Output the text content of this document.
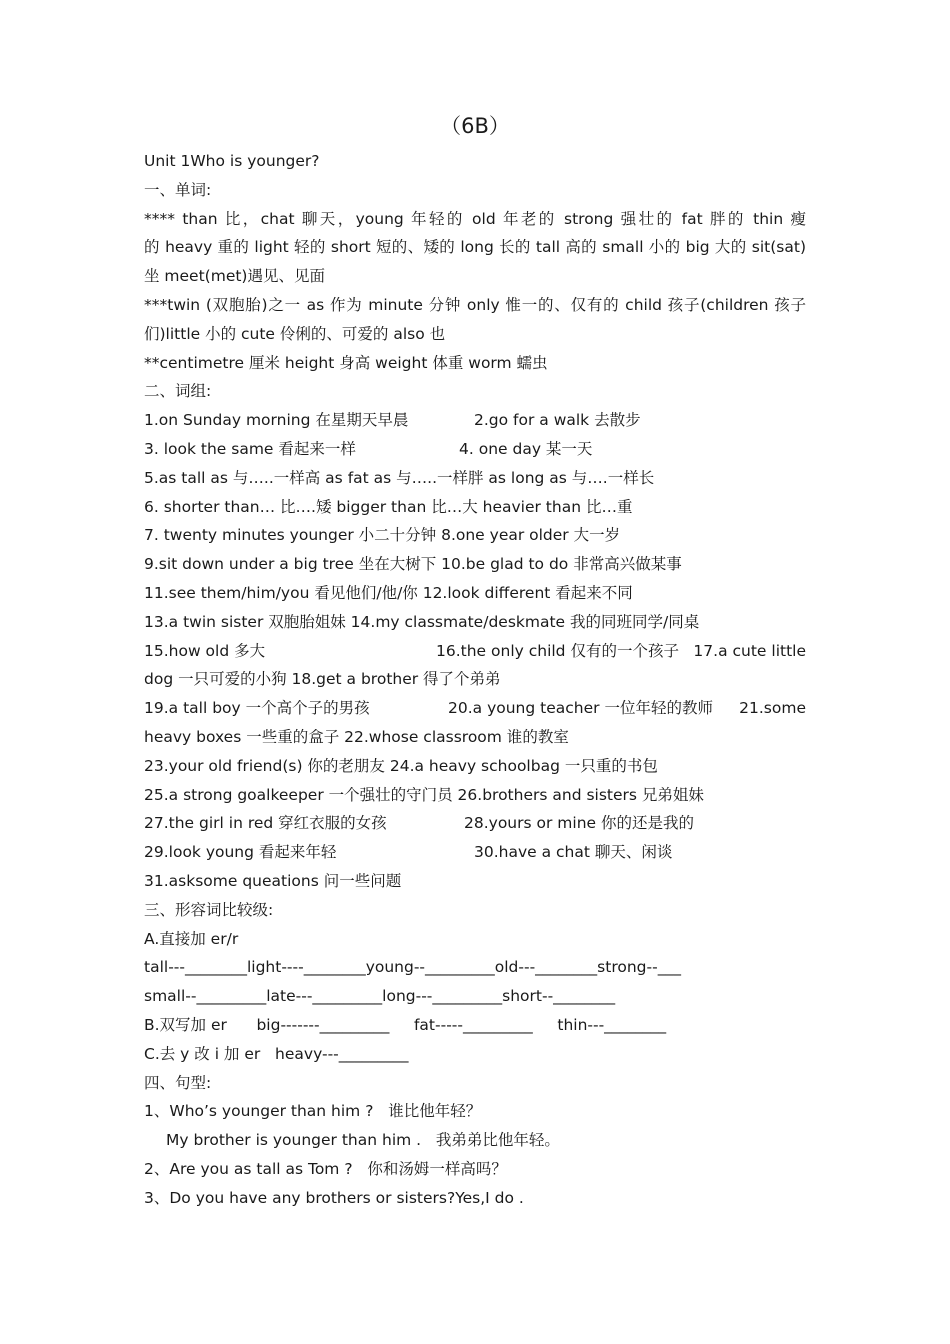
（6B）
Unit 1Who is younger?
一、单词:
**** than 比，chat 聊天，young 年轻的 old 年老的 strong 强壮的 fat 胖的 thin 瘦
的 heavy 重的 light 轻的 short 短的、矮的 long 长的 tall 高的 small 小的 big 大的 sit(sat)
坐 meet(met)遇见、见面
***twin (双胞胎)之一 as 作为 minute 分钟 only 惟一的、仅有的 child 孩子(children 孩子
们)little 小的 cute 伶俐的、可爱的 also 也
**centimetre 厘米 height 身高 weight 体重 worm 蠕虫
二、词组:
1.on Sunday morning 在星期天早晨	2.go for a walk 去散步
3. look the same 看起来一样	4. one day 某一天
5.as tall as 与…..一样高 as fat as 与…..一样胖 as long as 与….一样长
6. shorter than… 比….矮 bigger than 比…大 heavier than 比…重
7. twenty minutes younger 小二十分钟 8.one year older 大一岁
9.sit down under a big tree 坐在大树下 10.be glad to do 非常高兴做某事
11.see them/him/you 看见他们/他/你 12.look different 看起来不同
13.a twin sister 双胞胎姐妹 14.my classmate/deskmate 我的同班同学/同桌
15.how old 多大	16.the only child 仅有的一个孩子 17.a cute little
dog 一只可爱的小狗 18.get a brother 得了个弟弟
19.a tall boy 一个高个子的男孩	20.a young teacher 一位年轻的教师	21.some
heavy boxes 一些重的盒子 22.whose classroom 谁的教室
23.your old friend(s) 你的老朋友 24.a heavy schoolbag 一只重的书包
25.a strong goalkeeper 一个强壮的守门员 26.brothers and sisters 兄弟姐妹
27.the girl in red 穿红衣服的女孩	28.yours or mine 你的还是我的
29.look young 看起来年轻	30.have a chat 聊天、闲谈
31.asksome queations 问一些问题
三、形容词比较级:
A.直接加 er/r
tall---________light----________young--_________old---________strong--___
small--_________late---_________long---_________short--________
B.双写加 er      big-------_________     fat-----_________     thin---________
C.去 y 改 i 加 er   heavy---_________
四、句型:
1、Who’s younger than him ?   谁比他年轻？
My brother is younger than him .   我弟弟比他年轻。
2、Are you as tall as Tom ?   你和汤姆一样高吗？
3、Do you have any brothers or sisters?Yes,I do .
